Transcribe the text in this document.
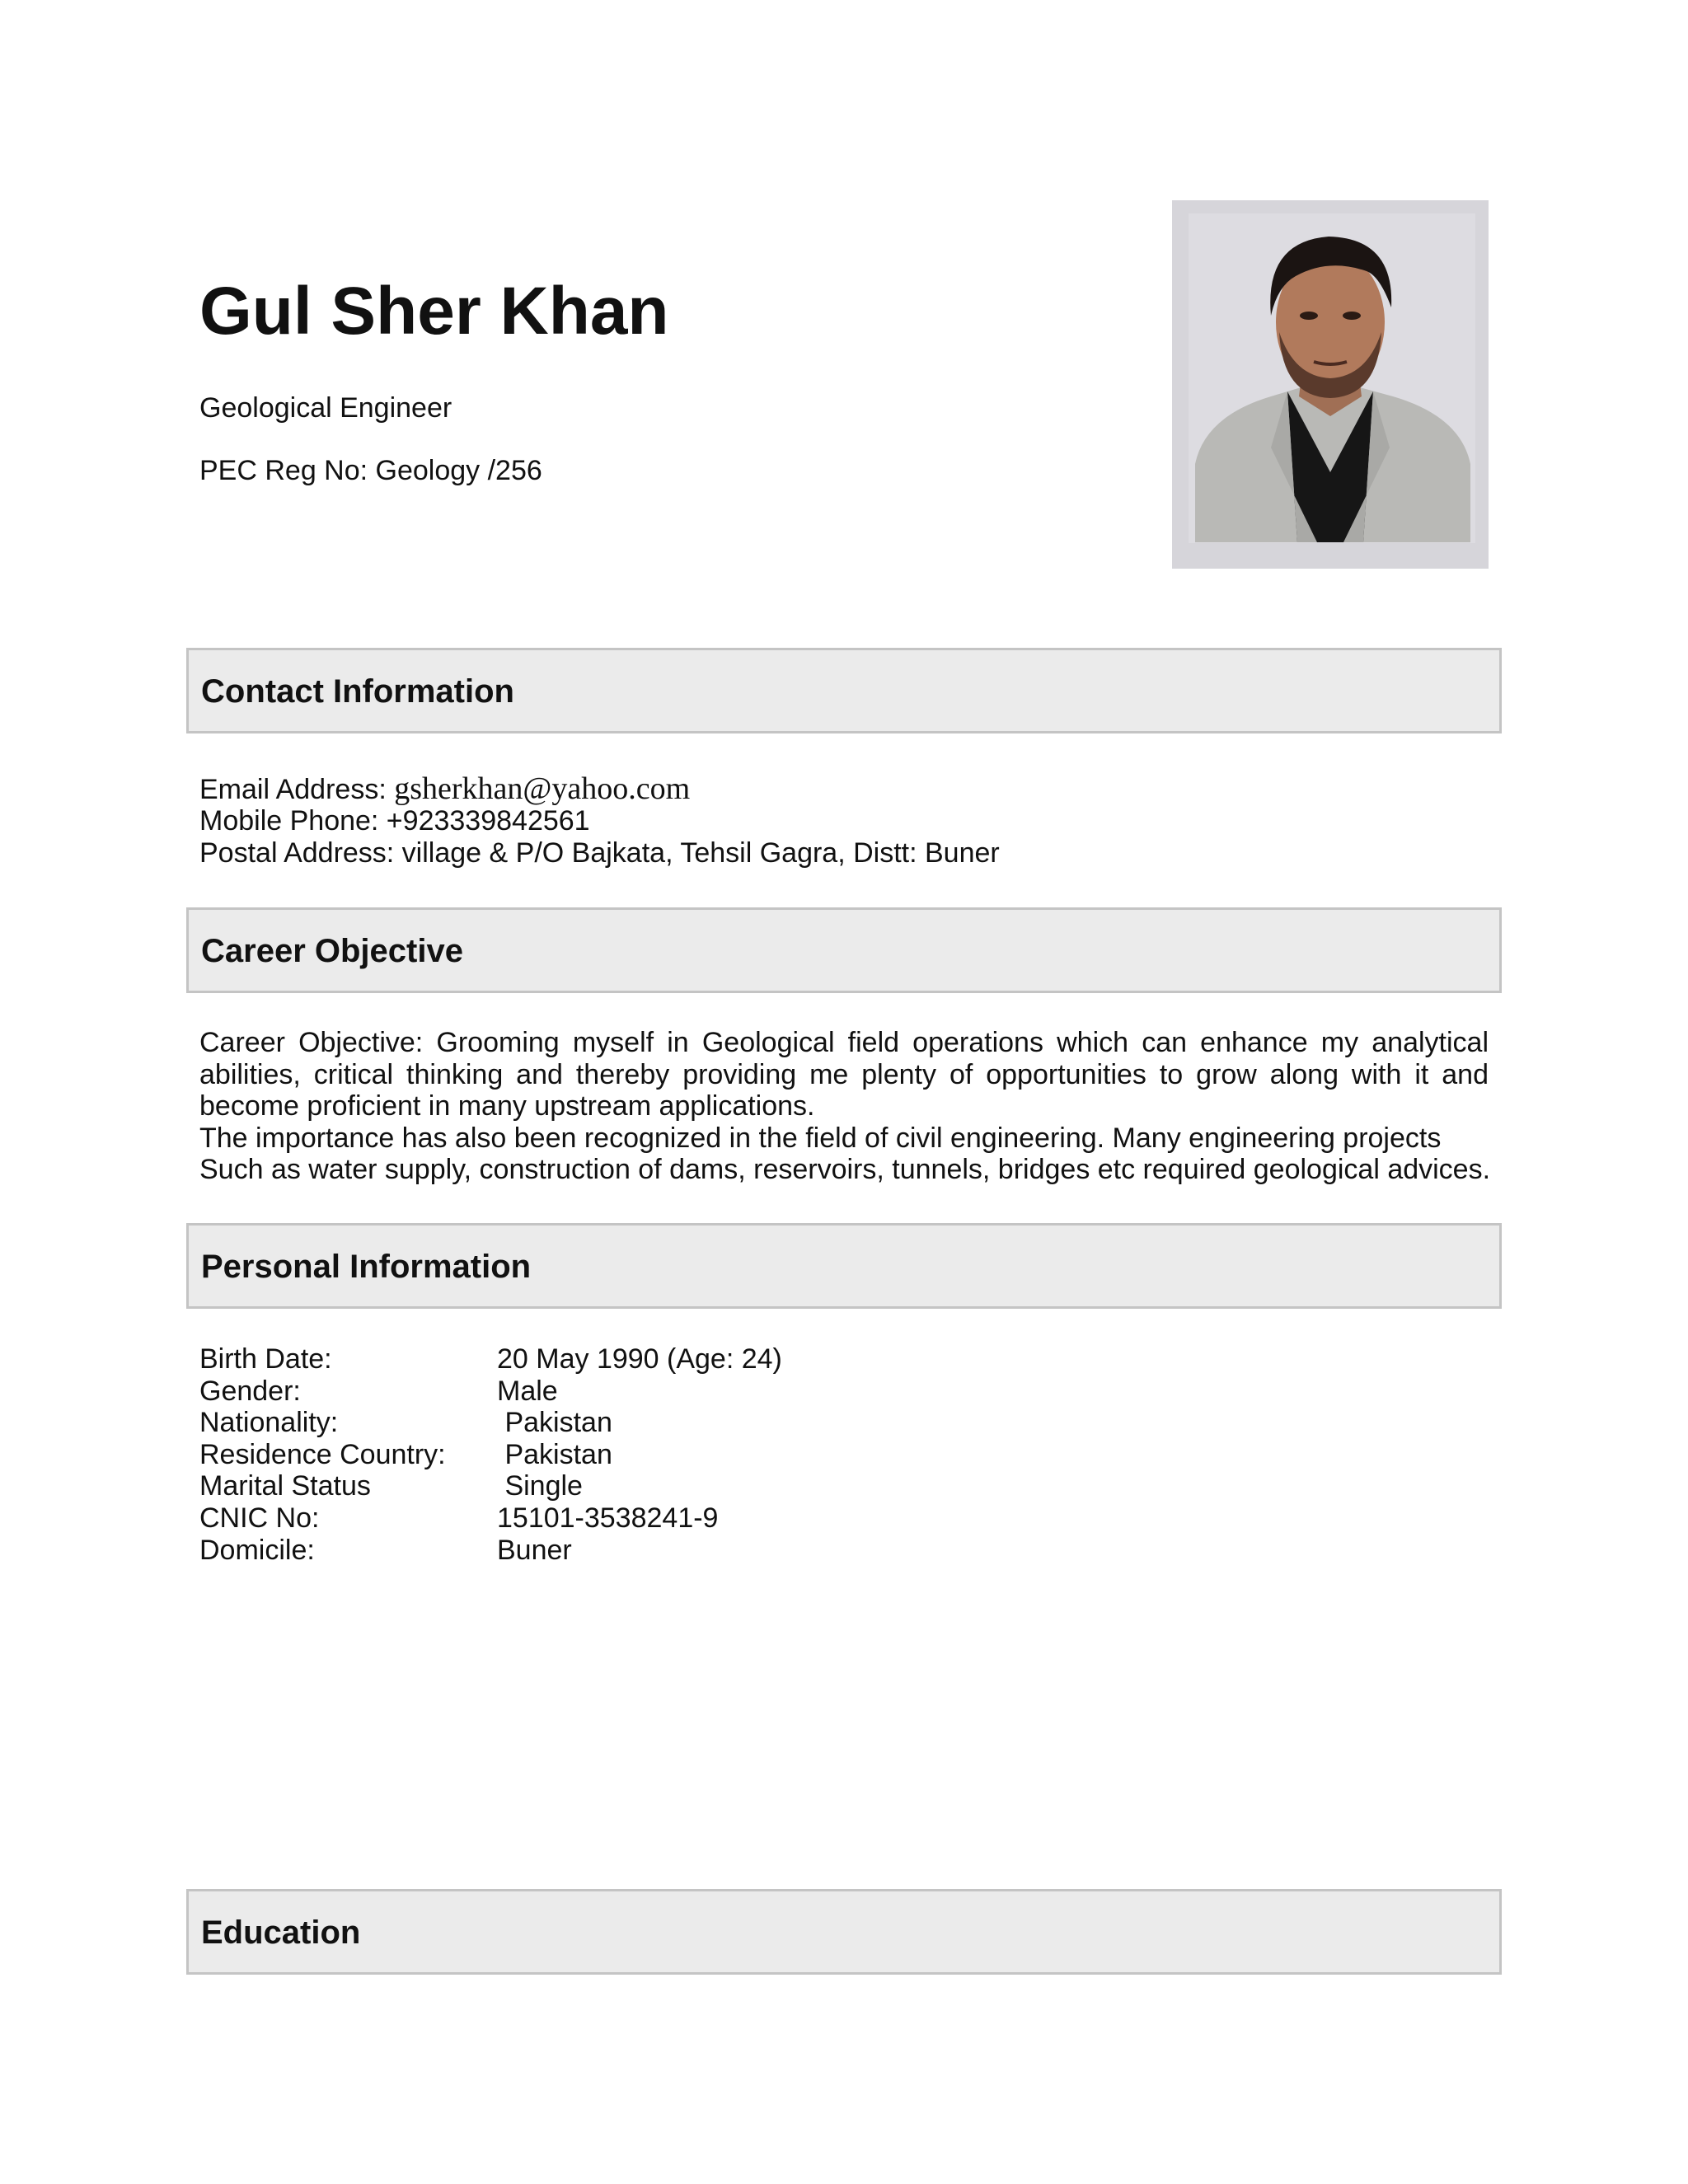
Gul Sher Khan

Geological Engineer

PEC Reg No: Geology /256

Contact Information
Email Address: gsherkhan@yahoo.com
Mobile Phone: +923339842561
Postal Address: village & P/O Bajkata, Tehsil Gagra, Distt: Buner
Career Objective
Career Objective: Grooming myself in Geological field operations which can enhance my analytical
abilities, critical thinking and thereby providing me plenty of opportunities to grow along with it and
become proficient in many upstream applications.
The importance has also been recognized in the field of civil engineering. Many engineering projects
Such as water supply, construction of dams, reservoirs, tunnels, bridges etc required geological advices.
Personal Information
Birth Date:	20 May 1990 (Age: 24)
Gender:	Male
Nationality:	Pakistan
Residence Country: Pakistan
Marital Status	Single
CNIC No:	15101-3538241-9
Domicile:	Buner
Education
